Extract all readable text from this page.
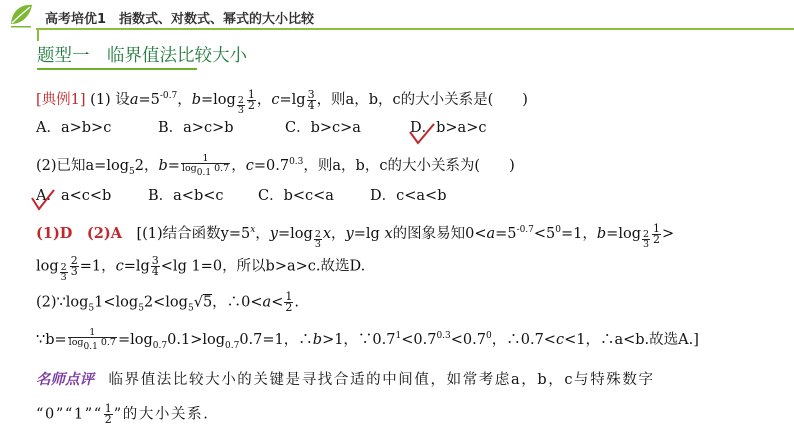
高考培优1　指数式、对数式、幂式的大小比较
题型一　临界值法比较大小
[典例1] (1) 设$a=5^{-0.7}$，b=log $_{\frac{2}{3}} \frac{1}{2}$ ，$c=\lg \frac{3}{4}$ ，则a，b，c的大小关系是(　　)
A．a>b>c	B．a>c>b	C．b>c>a	D．b>a>c
(2)已知$a=\log_52$，$b= \frac{1}{\log_{0.1} 0.7}$ ，$c=0.7^{0.3}$，则a，b，c的大小关系为(　　)
A．a<c<b	B．a<b<c C．b<c<a D．c<a<b
(1)D　(2)A　 [(1)结合函数$y=5^x$，y=log $_{\frac{2}{3}}$ x，y=lg x的图象易知$0<a=5^{-0.7}<5^0=1$，b=log $_{\frac{2}{3}} \frac{1}{2}$ >
$\log _{\frac{2}{3}} \frac{2}{3} =1$，$c=\lg \frac{3}{4} <\lg$ 1=0，所以b>a>c.故选D.
$(2)\because\log_51<\log_52<\log_5√5$，∴0<a< $\frac{1}{2}$ .
∵b= $\frac{1}{\log_{0.1} 0.7} =\log_{0.7}0.1>\log_{0.7}0.7=1$，∴b>1，$\because 0.7^1<0.7^{0.3}<0.7^0$，∴0.7<c<1，∴a<b.故选A.]
名师点评　 临界值法比较大小的关键是寻找合适的中间值，如常考虑a，b，c与特殊数字
“0”“1”“ $\frac{1}{2}$ ”的大小关系.
